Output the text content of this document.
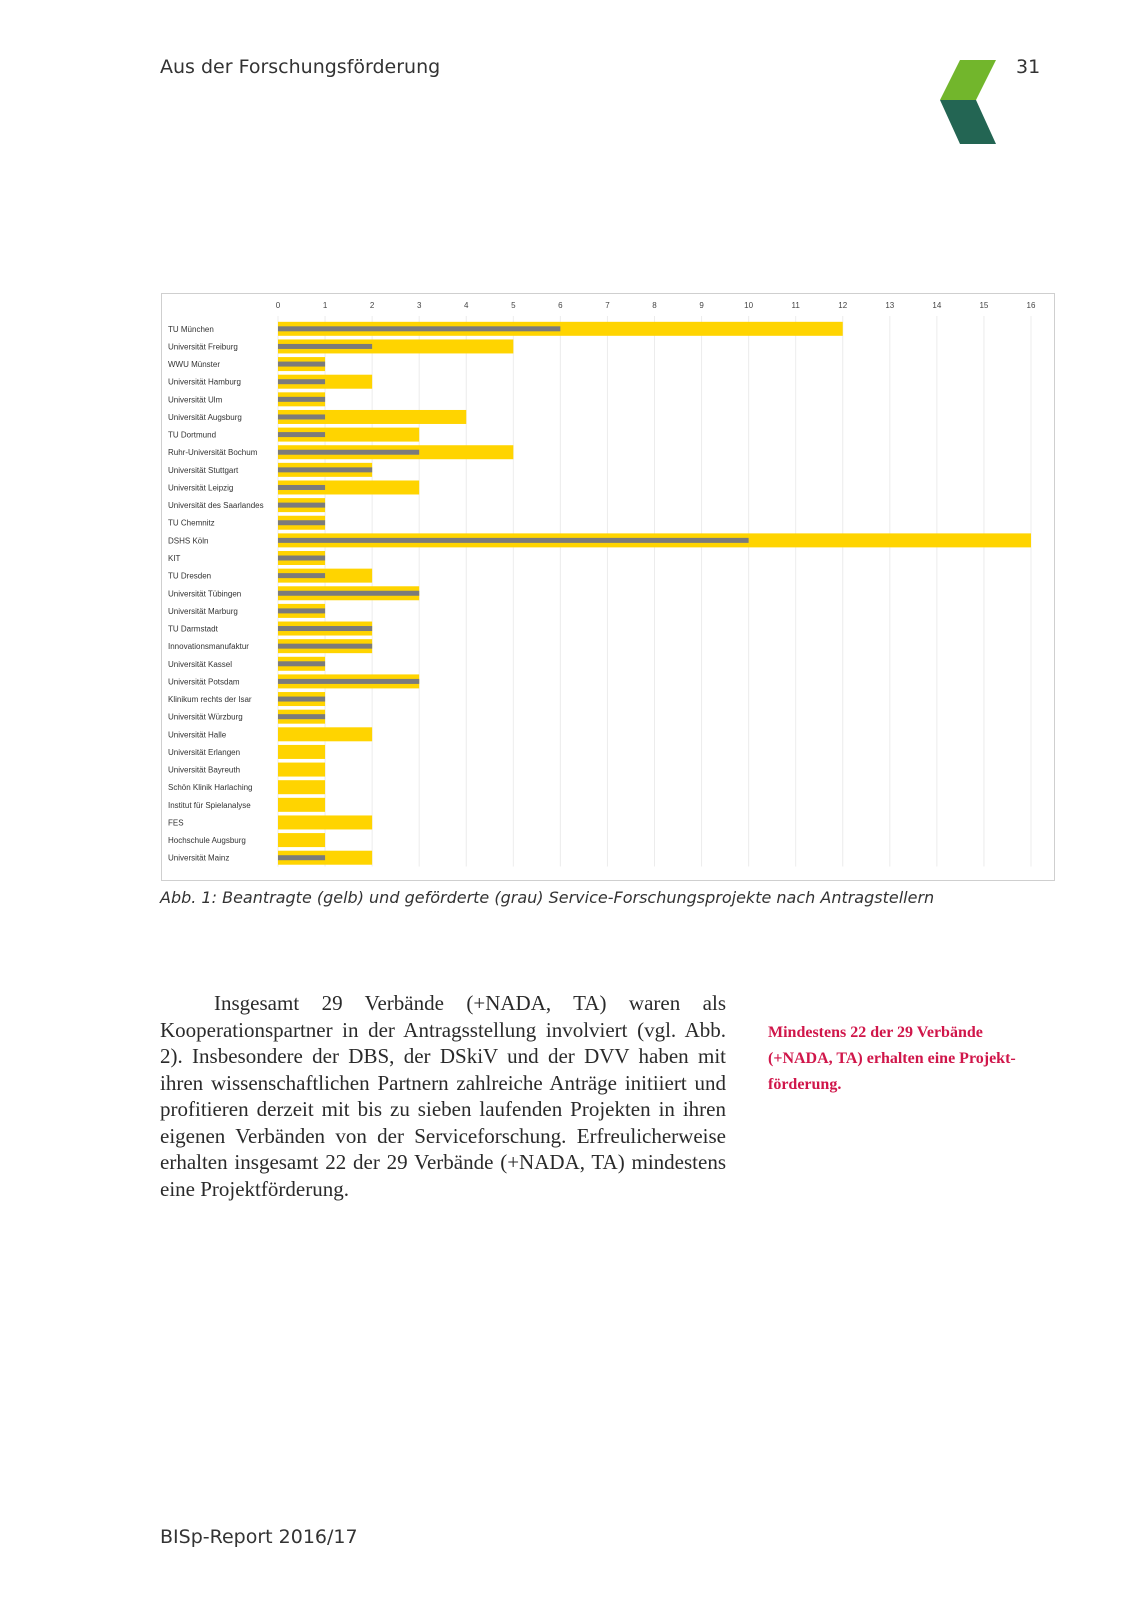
Aus der Forschungsförderung	31
0	1	2	3	4	5	6	7	8	9	10	11	12	13	14	15	16
TU München
Universität Freiburg
WWU Münster
Universität Hamburg
Universität Ulm
Universität Augsburg
TU Dortmund
Ruhr-Universität Bochum
Universität Stuttgart
Universität Leipzig
Universität des Saarlandes
TU Chemnitz
DSHS Köln
KIT
TU Dresden
Universität Tübingen
Universität Marburg
TU Darmstadt
Innovationsmanufaktur
Universität Kassel
Universität Potsdam
Klinikum rechts der Isar
Universität Würzburg
Universität Halle
Universität Erlangen
Universität Bayreuth
Schön Klinik Harlaching
Institut für Spielanalyse
FES
Hochschule Augsburg
Universität Mainz
Abb. 1: Beantragte (gelb) und geförderte (grau) Service-Forschungsprojekte nach Antragstellern

Insgesamt 29 Verbände (+NADA, TA) waren als Kooperationspartner in der Antragsstellung involviert (vgl. Abb. 2). Insbesondere der DBS, der DSkiV und der DVV haben mit ihren wissenschaftlichen Partnern zahlreiche Anträge initiiert und profitieren derzeit mit bis zu sieben laufenden Projekten in ihren eigenen Verbänden von der Serviceforschung. Erfreulicherweise erhalten insgesamt 22 der 29 Verbände (+NADA, TA) mindestens eine Projektförderung.

Mindestens 22 der 29 Verbände (+NADA, TA) erhalten eine Projekt-förderung.

BISp-Report 2016/17
